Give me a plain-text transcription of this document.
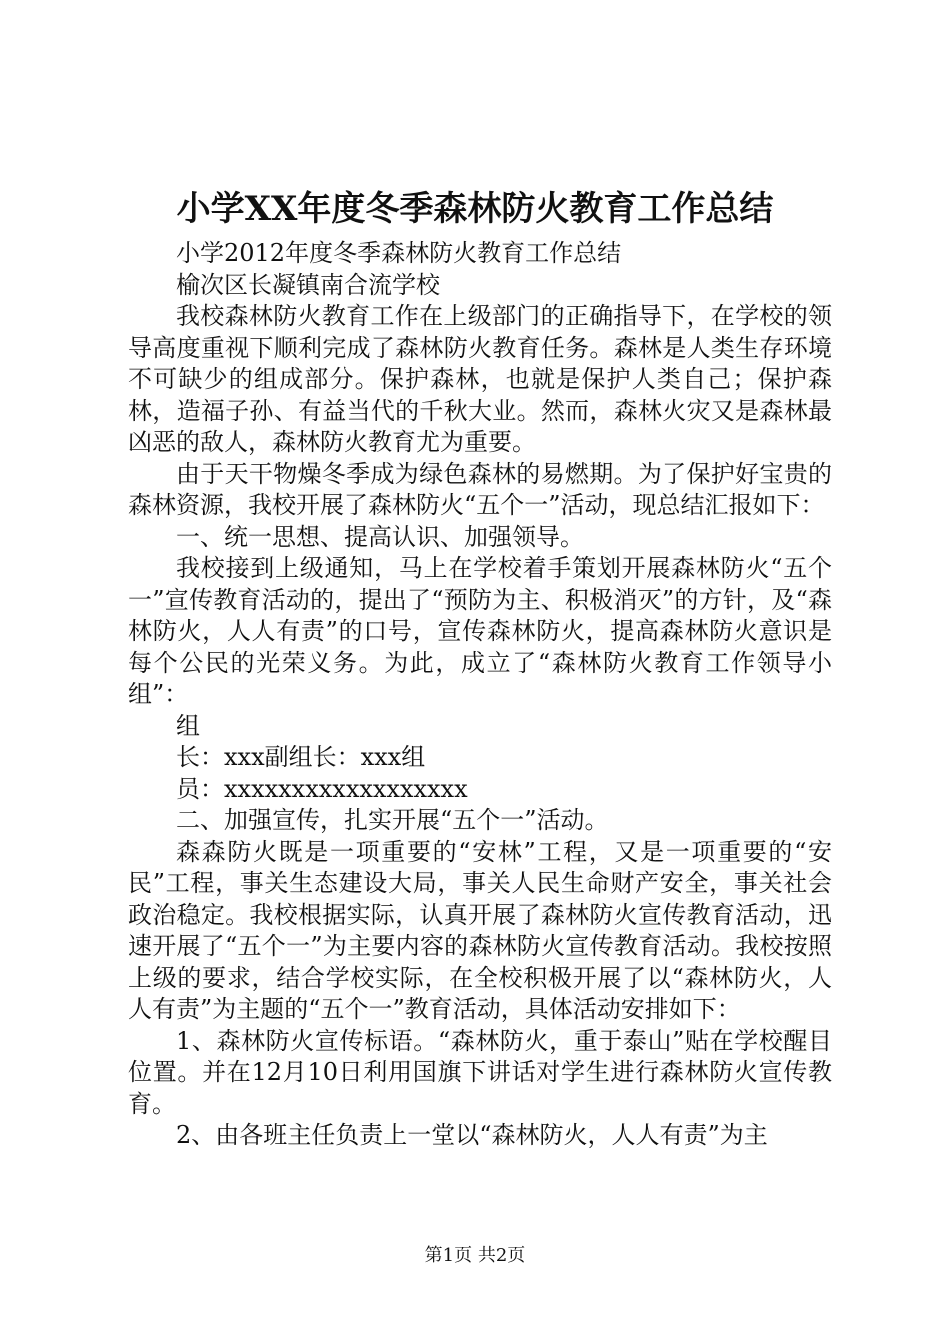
小学XX年度冬季森林防火教育工作总结

小学2012年度冬季森林防火教育工作总结

榆次区长凝镇南合流学校

我校森林防火教育工作在上级部门的正确指导下，在学校的领导高度重视下顺利完成了森林防火教育任务。森林是人类生存环境不可缺少的组成部分。保护森林，也就是保护人类自己；保护森林，造福子孙、有益当代的千秋大业。然而，森林火灾又是森林最凶恶的敌人，森林防火教育尤为重要。

由于天干物燥冬季成为绿色森林的易燃期。为了保护好宝贵的森林资源，我校开展了森林防火“五个一”活动，现总结汇报如下：

一、统一思想、提高认识、加强领导。

我校接到上级通知，马上在学校着手策划开展森林防火“五个一”宣传教育活动的，提出了“预防为主、积极消灭”的方针，及“森林防火，人人有责”的口号，宣传森林防火，提高森林防火意识是每个公民的光荣义务。为此，成立了“森林防火教育工作领导小组”：

组

长：xxx副组长：xxx组

员：xxxxxxxxxxxxxxxxxx

二、加强宣传，扎实开展“五个一”活动。

森森防火既是一项重要的“安林”工程，又是一项重要的“安民”工程，事关生态建设大局，事关人民生命财产安全，事关社会政治稳定。我校根据实际，认真开展了森林防火宣传教育活动，迅速开展了“五个一”为主要内容的森林防火宣传教育活动。我校按照上级的要求，结合学校实际，在全校积极开展了以“森林防火，人人有责”为主题的“五个一”教育活动，具体活动安排如下：

1、森林防火宣传标语。“森林防火，重于泰山”贴在学校醒目位置。并在12月10日利用国旗下讲话对学生进行森林防火宣传教育。

2、由各班主任负责上一堂以“森林防火，人人有责”为主

第1页 共2页
